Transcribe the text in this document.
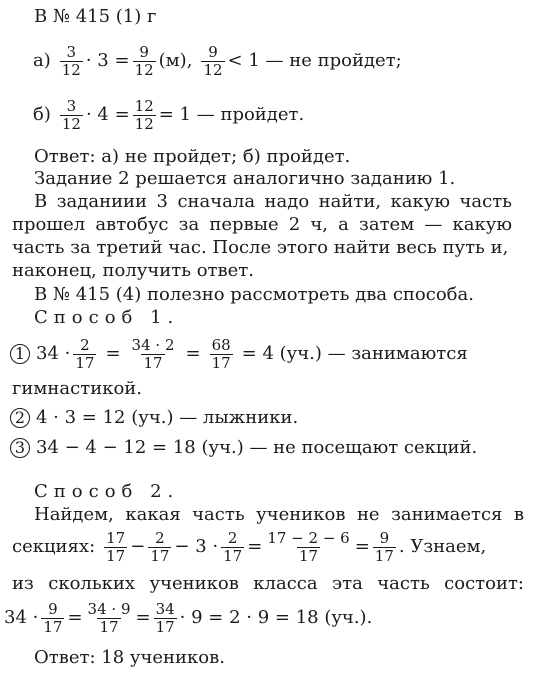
В № 415 (1) г
$а) \frac{3}{12} \cdot 3 = \frac{9}{12} (м)$, $\frac{9}{12} < 1$ — не пройдет;
$б) \frac{3}{12} \cdot 4 = \frac{12}{12} = 1$ — пройдет.
Ответ: а) не пройдет; б) пройдет.
Задание 2 решается аналогично заданию 1.
В заданиии 3 сначала надо найти, какую часть
прошел автобус за первые 2 ч, а затем — какую
часть за третий час. После этого найти весь путь и,
наконец, получить ответ.
В № 415 (4) полезно рассмотреть два способа.
Способ 1.
1 $34 \cdot \frac{2}{17} = \frac{34 \cdot 2}{17} = \frac{68}{17} = 4$ (уч.) — занимаются
гимнастикой.
2 4 · 3 = 12 (уч.) — лыжники.
3 34 − 4 − 12 = 18 (уч.) — не посещают секций.
Способ 2.
Найдем, какая часть учеников не занимается в
секциях: $\frac{17}{17} - \frac{2}{17} - 3 \cdot \frac{2}{17} = \frac{17 - 2 - 6}{17} = \frac{9}{17}$ . Узнаем,
из скольких учеников класса эта часть состоит:
$34 \cdot \frac{9}{17} = \frac{34 \cdot 9}{17} = \frac{34}{17} \cdot 9 = 2 \cdot 9 = 18$ (уч.).
Ответ: 18 учеников.
